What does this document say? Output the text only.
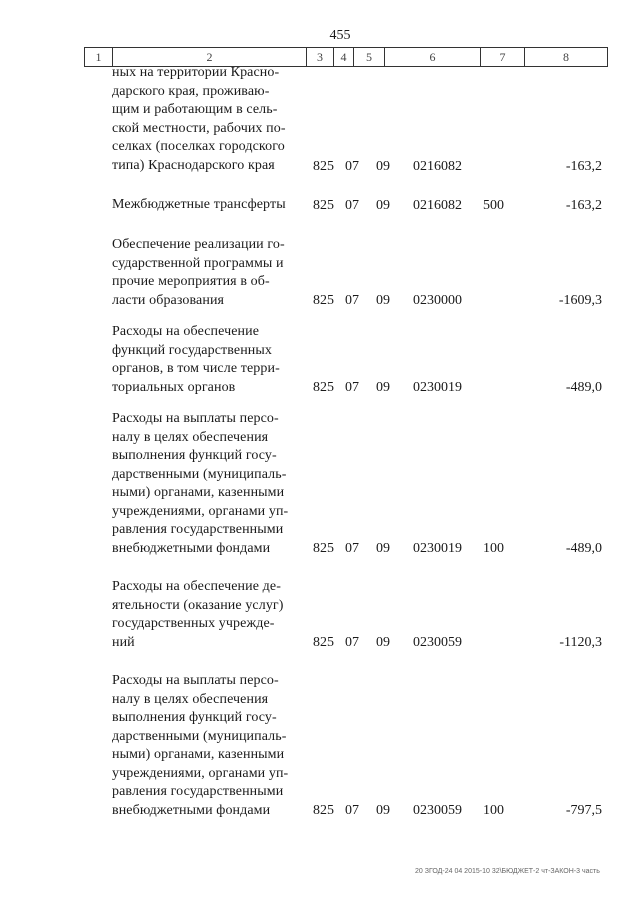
455
1	2	3	4	5	6	7	8
ных на территории Красно-
дарского края, проживаю-
щим и работающим в сель-
ской местности, рабочих по-
селках (поселках городского
типа) Краснодарского края	825 07 09 0216082	-163,2
Межбюджетные трансферты	825 07 09 0216082 500	-163,2
Обеспечение реализации го-
сударственной программы и
прочие мероприятия в об-
ласти образования	825 07 09 0230000	-1609,3
Расходы на обеспечение
функций государственных
органов, в том числе терри-
ториальных органов	825 07 09 0230019	-489,0
Расходы на выплаты персо-
налу в целях обеспечения
выполнения функций госу-
дарственными (муниципаль-
ными) органами, казенными
учреждениями, органами уп-
равления государственными
внебюджетными фондами	825 07 09 0230019 100	-489,0
Расходы на обеспечение де-
ятельности (оказание услуг)
государственных учрежде-
ний	825 07 09 0230059	-1120,3
Расходы на выплаты персо-
налу в целях обеспечения
выполнения функций госу-
дарственными (муниципаль-
ными) органами, казенными
учреждениями, органами уп-
равления государственными
внебюджетными фондами	825 07 09 0230059 100	-797,5
20 ЗГОД-24 04 2015-10 32\БЮДЖЕТ-2 чт-ЗАКОН-3 часть
